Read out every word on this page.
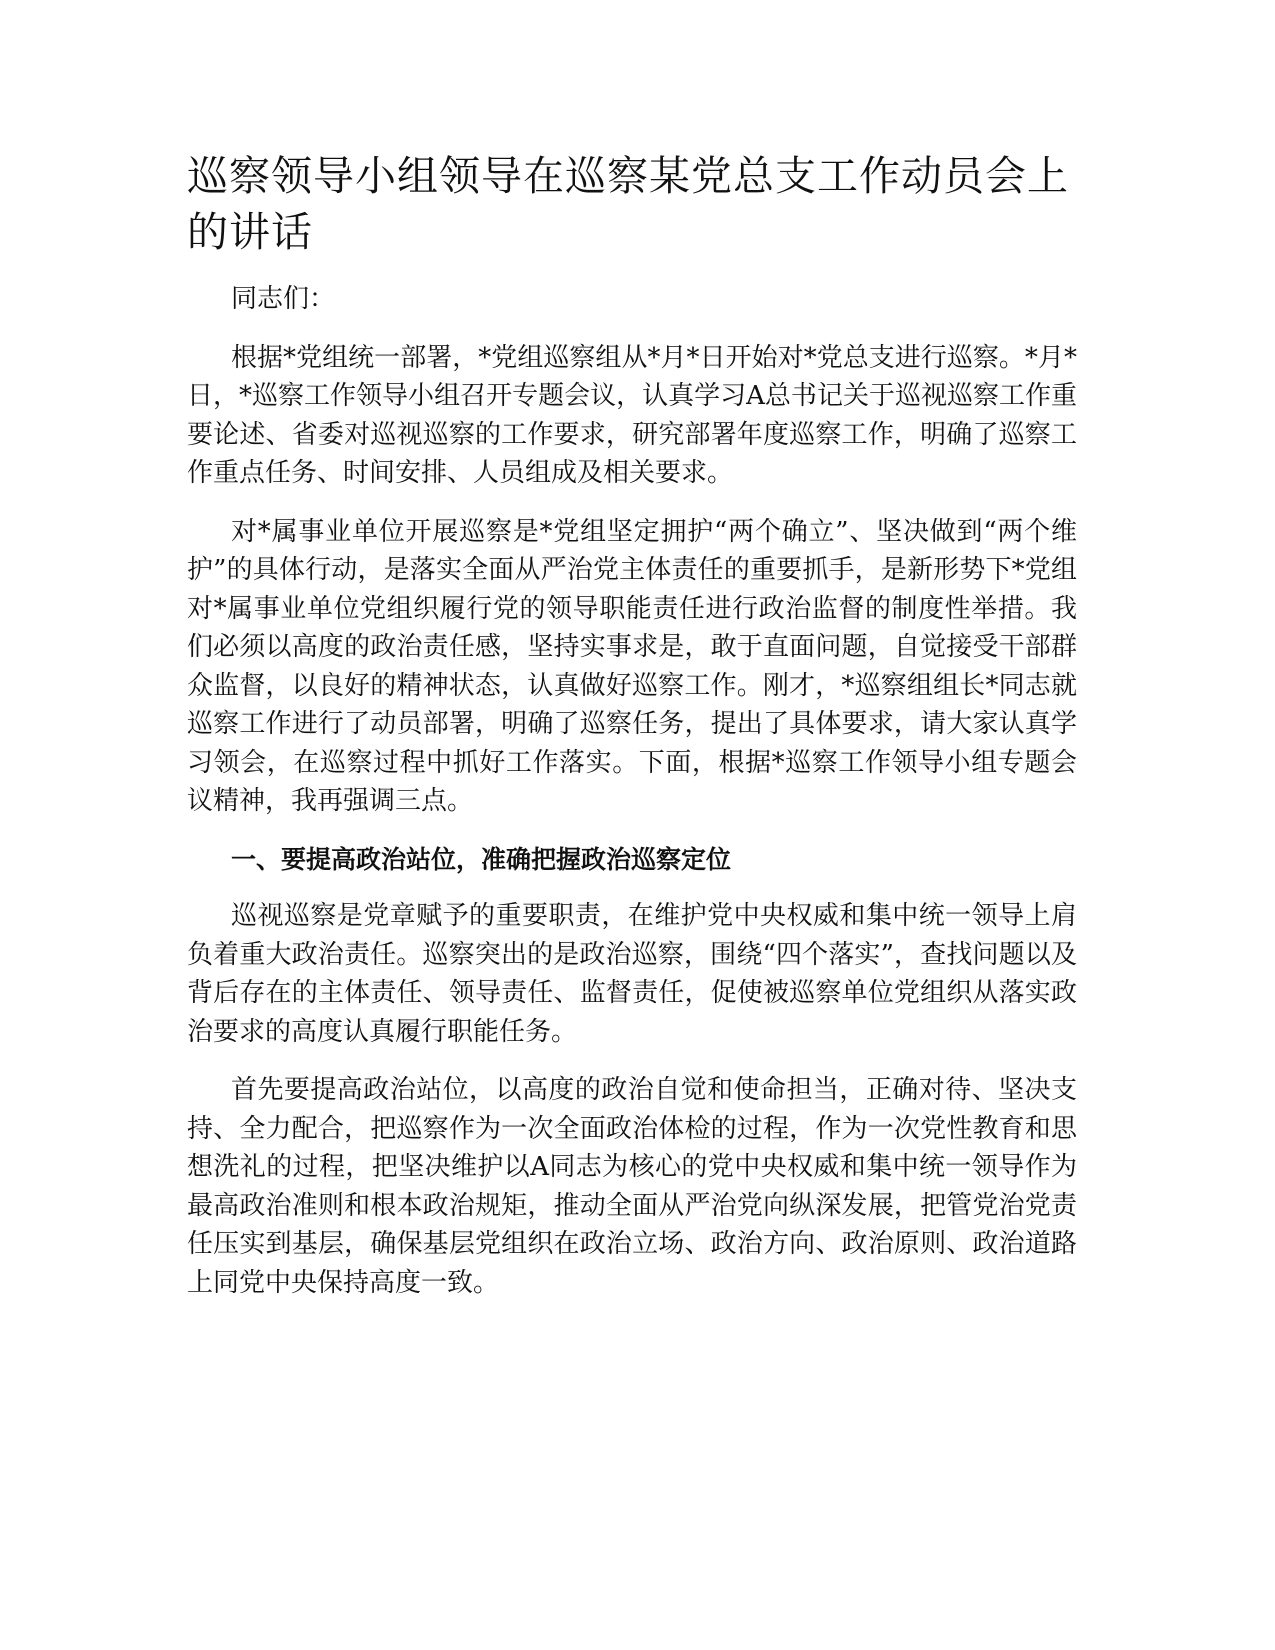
巡察领导小组领导在巡察某党总支工作动员会上的讲话

同志们：

根据*党组统一部署，*党组巡察组从*月*日开始对*党总支进行巡察。*月*日，*巡察工作领导小组召开专题会议，认真学习A总书记关于巡视巡察工作重要论述、省委对巡视巡察的工作要求，研究部署年度巡察工作，明确了巡察工作重点任务、时间安排、人员组成及相关要求。

对*属事业单位开展巡察是*党组坚定拥护“两个确立”、坚决做到“两个维护”的具体行动，是落实全面从严治党主体责任的重要抓手，是新形势下*党组对*属事业单位党组织履行党的领导职能责任进行政治监督的制度性举措。我们必须以高度的政治责任感，坚持实事求是，敢于直面问题，自觉接受干部群众监督，以良好的精神状态，认真做好巡察工作。刚才，*巡察组组长*同志就巡察工作进行了动员部署，明确了巡察任务，提出了具体要求，请大家认真学习领会，在巡察过程中抓好工作落实。下面，根据*巡察工作领导小组专题会议精神，我再强调三点。

一、要提高政治站位，准确把握政治巡察定位

巡视巡察是党章赋予的重要职责，在维护党中央权威和集中统一领导上肩负着重大政治责任。巡察突出的是政治巡察，围绕“四个落实”，查找问题以及背后存在的主体责任、领导责任、监督责任，促使被巡察单位党组织从落实政治要求的高度认真履行职能任务。

首先要提高政治站位，以高度的政治自觉和使命担当，正确对待、坚决支持、全力配合，把巡察作为一次全面政治体检的过程，作为一次党性教育和思想洗礼的过程，把坚决维护以A同志为核心的党中央权威和集中统一领导作为最高政治准则和根本政治规矩，推动全面从严治党向纵深发展，把管党治党责任压实到基层，确保基层党组织在政治立场、政治方向、政治原则、政治道路上同党中央保持高度一致。
